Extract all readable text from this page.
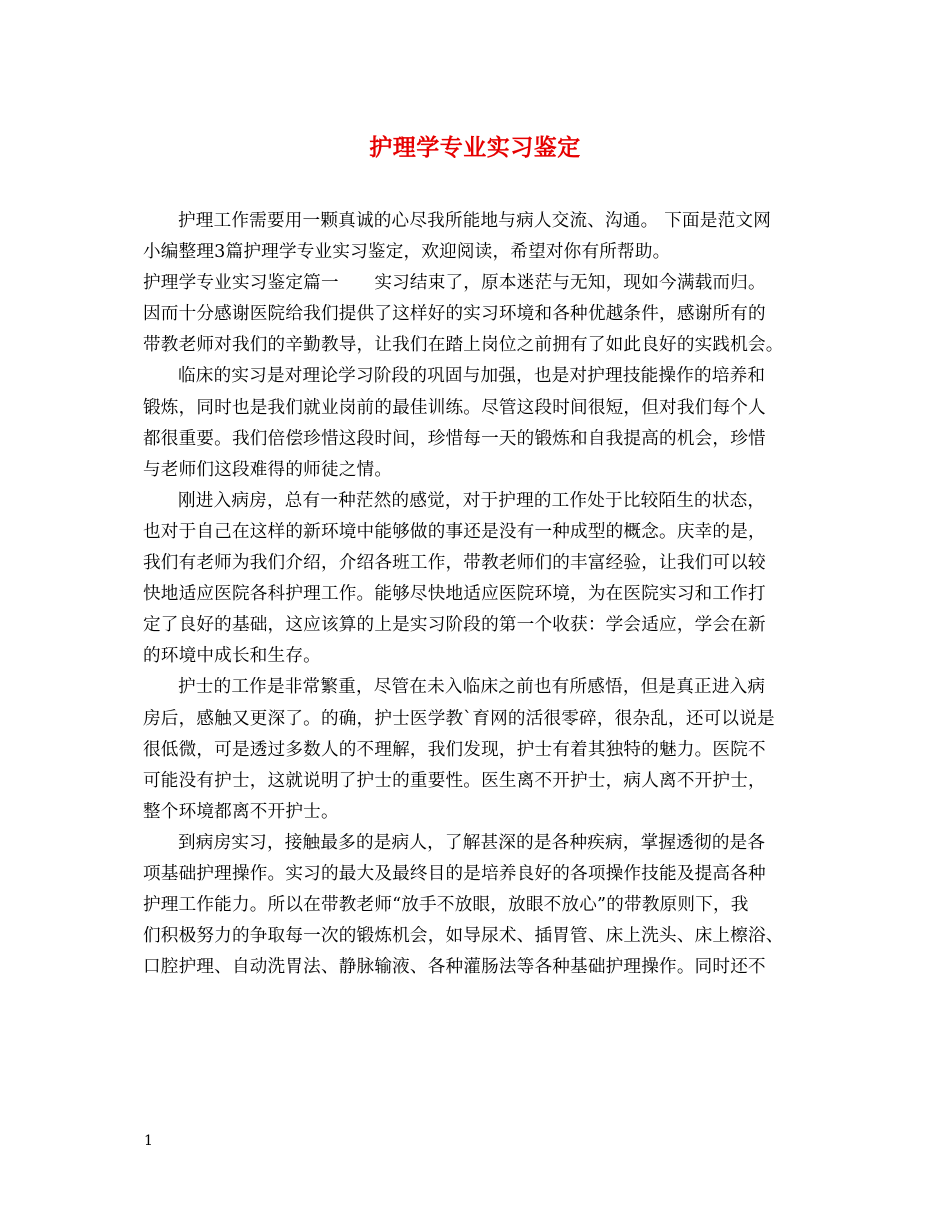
护理学专业实习鉴定
护理工作需要用一颗真诚的心尽我所能地与病人交流、沟通。 下面是范文网
小编整理3篇护理学专业实习鉴定，欢迎阅读，希望对你有所帮助。
护理学专业实习鉴定篇一　　实习结束了，原本迷茫与无知，现如今满载而归。
因而十分感谢医院给我们提供了这样好的实习环境和各种优越条件，感谢所有的
带教老师对我们的辛勤教导，让我们在踏上岗位之前拥有了如此良好的实践机会。
临床的实习是对理论学习阶段的巩固与加强，也是对护理技能操作的培养和
锻炼，同时也是我们就业岗前的最佳训练。尽管这段时间很短，但对我们每个人
都很重要。我们倍偿珍惜这段时间，珍惜每一天的锻炼和自我提高的机会，珍惜
与老师们这段难得的师徒之情。
刚进入病房，总有一种茫然的感觉，对于护理的工作处于比较陌生的状态，
也对于自己在这样的新环境中能够做的事还是没有一种成型的概念。庆幸的是，
我们有老师为我们介绍，介绍各班工作，带教老师们的丰富经验，让我们可以较
快地适应医院各科护理工作。能够尽快地适应医院环境，为在医院实习和工作打
定了良好的基础，这应该算的上是实习阶段的第一个收获：学会适应，学会在新
的环境中成长和生存。
护士的工作是非常繁重，尽管在未入临床之前也有所感悟，但是真正进入病
房后，感触又更深了。的确，护士医学教`育网的活很零碎，很杂乱，还可以说是
很低微，可是透过多数人的不理解，我们发现，护士有着其独特的魅力。医院不
可能没有护士，这就说明了护士的重要性。医生离不开护士，病人离不开护士，
整个环境都离不开护士。
到病房实习，接触最多的是病人，了解甚深的是各种疾病，掌握透彻的是各
项基础护理操作。实习的最大及最终目的是培养良好的各项操作技能及提高各种
护理工作能力。所以在带教老师“放手不放眼，放眼不放心”的带教原则下，我
们积极努力的争取每一次的锻炼机会，如导尿术、插胃管、床上洗头、床上檫浴、
口腔护理、自动洗胃法、静脉输液、各种灌肠法等各种基础护理操作。同时还不
1
